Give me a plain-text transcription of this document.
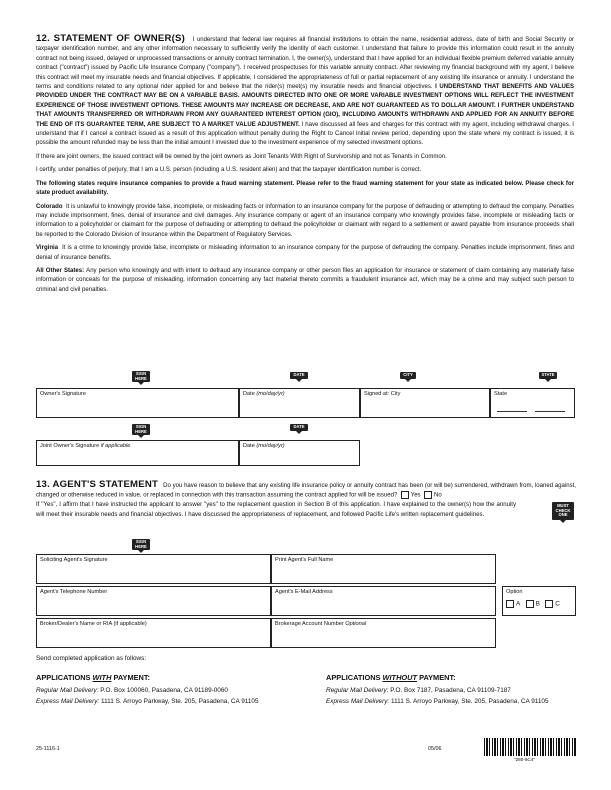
12. STATEMENT OF OWNER(S) I understand that federal law requires all financial institutions to obtain the name, residential address, date of birth and Social Security or taxpayer identification number, and any other information necessary to sufficiently verify the identity of each customer. I understand that failure to provide this information could result in the annuity contract not being issued, delayed or unprocessed transactions or annuity contract termination. I, the owner(s), understand that I have applied for an individual flexible premium deferred variable annuity contract ("contract") issued by Pacific Life Insurance Company ("company"). I received prospectuses for this variable annuity contract. After reviewing my financial background with my agent, I believe this contract will meet my insurable needs and financial objectives. If applicable, I considered the appropriateness of full or partial replacement of any existing life insurance or annuity. I understand the terms and conditions related to any optional rider applied for and believe that the rider(s) meet(s) my insurable needs and financial objectives. I UNDERSTAND THAT BENEFITS AND VALUES PROVIDED UNDER THE CONTRACT MAY BE ON A VARIABLE BASIS. AMOUNTS DIRECTED INTO ONE OR MORE VARIABLE INVESTMENT OPTIONS WILL REFLECT THE INVESTMENT EXPERIENCE OF THOSE INVESTMENT OPTIONS. THESE AMOUNTS MAY INCREASE OR DECREASE, AND ARE NOT GUARANTEED AS TO DOLLAR AMOUNT. I FURTHER UNDERSTAND THAT AMOUNTS TRANSFERRED OR WITHDRAWN FROM ANY GUARANTEED INTEREST OPTION (GIO), INCLUDING AMOUNTS WITHDRAWN AND APPLIED FOR AN ANNUITY BEFORE THE END OF ITS GUARANTEE TERM, ARE SUBJECT TO A MARKET VALUE ADJUSTMENT. I have discussed all fees and charges for this contract with my agent, including withdrawal charges. I understand that if I cancel a contract issued as a result of this application without penalty during the Right to Cancel initial review period, depending upon the state where my contract is issued, it is possible the amount refunded may be less than the initial amount I invested due to the investment experience of my selected investment options.

If there are joint owners, the issued contract will be owned by the joint owners as Joint Tenants With Right of Survivorship and not as Tenants in Common.

I certify, under penalties of perjury, that I am a U.S. person (including a U.S. resident alien) and that the taxpayer identification number is correct.

The following states require insurance companies to provide a fraud warning statement. Please refer to the fraud warning statement for your state as indicated below. Please check for state product availability.

Colorado It is unlawful to knowingly provide false, incomplete, or misleading facts or information to an insurance company for the purpose of defrauding or attempting to defraud the company. Penalties may include imprisonment, fines, denial of insurance and civil damages. Any insurance company or agent of an insurance company who knowingly provides false, incomplete or misleading facts or information to a policyholder or claimant for the purpose of defrauding or attempting to defraud the policyholder or claimant with regard to a settlement or award payable from insurance proceeds shall be reported to the Colorado Division of Insurance within the Department of Regulatory Services.

Virginia It is a crime to knowingly provide false, incomplete or misleading information to an insurance company for the purpose of defrauding the company. Penalties include imprisonment, fines and denial of insurance benefits.

All Other States: Any person who knowingly and with intent to defraud any insurance company or other person files an application for insurance or statement of claim containing any materially false information or conceals for the purpose of misleading, information concerning any fact material thereto commits a fraudulent insurance act, which may be a crime and may subject such person to criminal and civil penalties.

SIGN HERE
DATE	CITY	STATE
Owner's Signature	Date (mo/day/yr)	Signed at: City	State
SIGN HERE
DATE
Joint Owner's Signature if applicable	Date (mo/day/yr)

13. AGENT'S STATEMENT Do you have reason to believe that any existing life insurance policy or annuity contract has been (or will be) surrendered, withdrawn from, loaned against, changed or otherwise reduced in value, or replaced in connection with this transaction assuming the contract applied for will be issued? Yes No

If "Yes", I affirm that I have instructed the applicant to answer "yes" to the replacement question in Section B of this application. I have explained to the owner(s) how the annuity will meet their insurable needs and financial objectives. I have discussed the appropriateness of replacement, and followed Pacific Life's written replacement guidelines.

MUST CHECK ONE
SIGN HERE
Soliciting Agent's Signature	Print Agent's Full Name
Agent's Telephone Number	Agent's E-Mail Address	Option
A B C
Broker/Dealer's Name or RIA (if applicable)	Brokerage Account Number Optional
Send completed application as follows:
APPLICATIONS WITH PAYMENT:
Regular Mail Delivery: P.O. Box 100060, Pasadena, CA 91189-0060
Express Mail Delivery: 1111 S. Arroyo Parkway, Ste. 205, Pasadena, CA 91105
APPLICATIONS WITHOUT PAYMENT:
Regular Mail Delivery: P.O. Box 7187, Pasadena, CA 91109-7187
Express Mail Delivery: 1111 S. Arroyo Parkway, Ste. 205, Pasadena, CA 91105
25-1116-1	05/06
"280-6C4"
